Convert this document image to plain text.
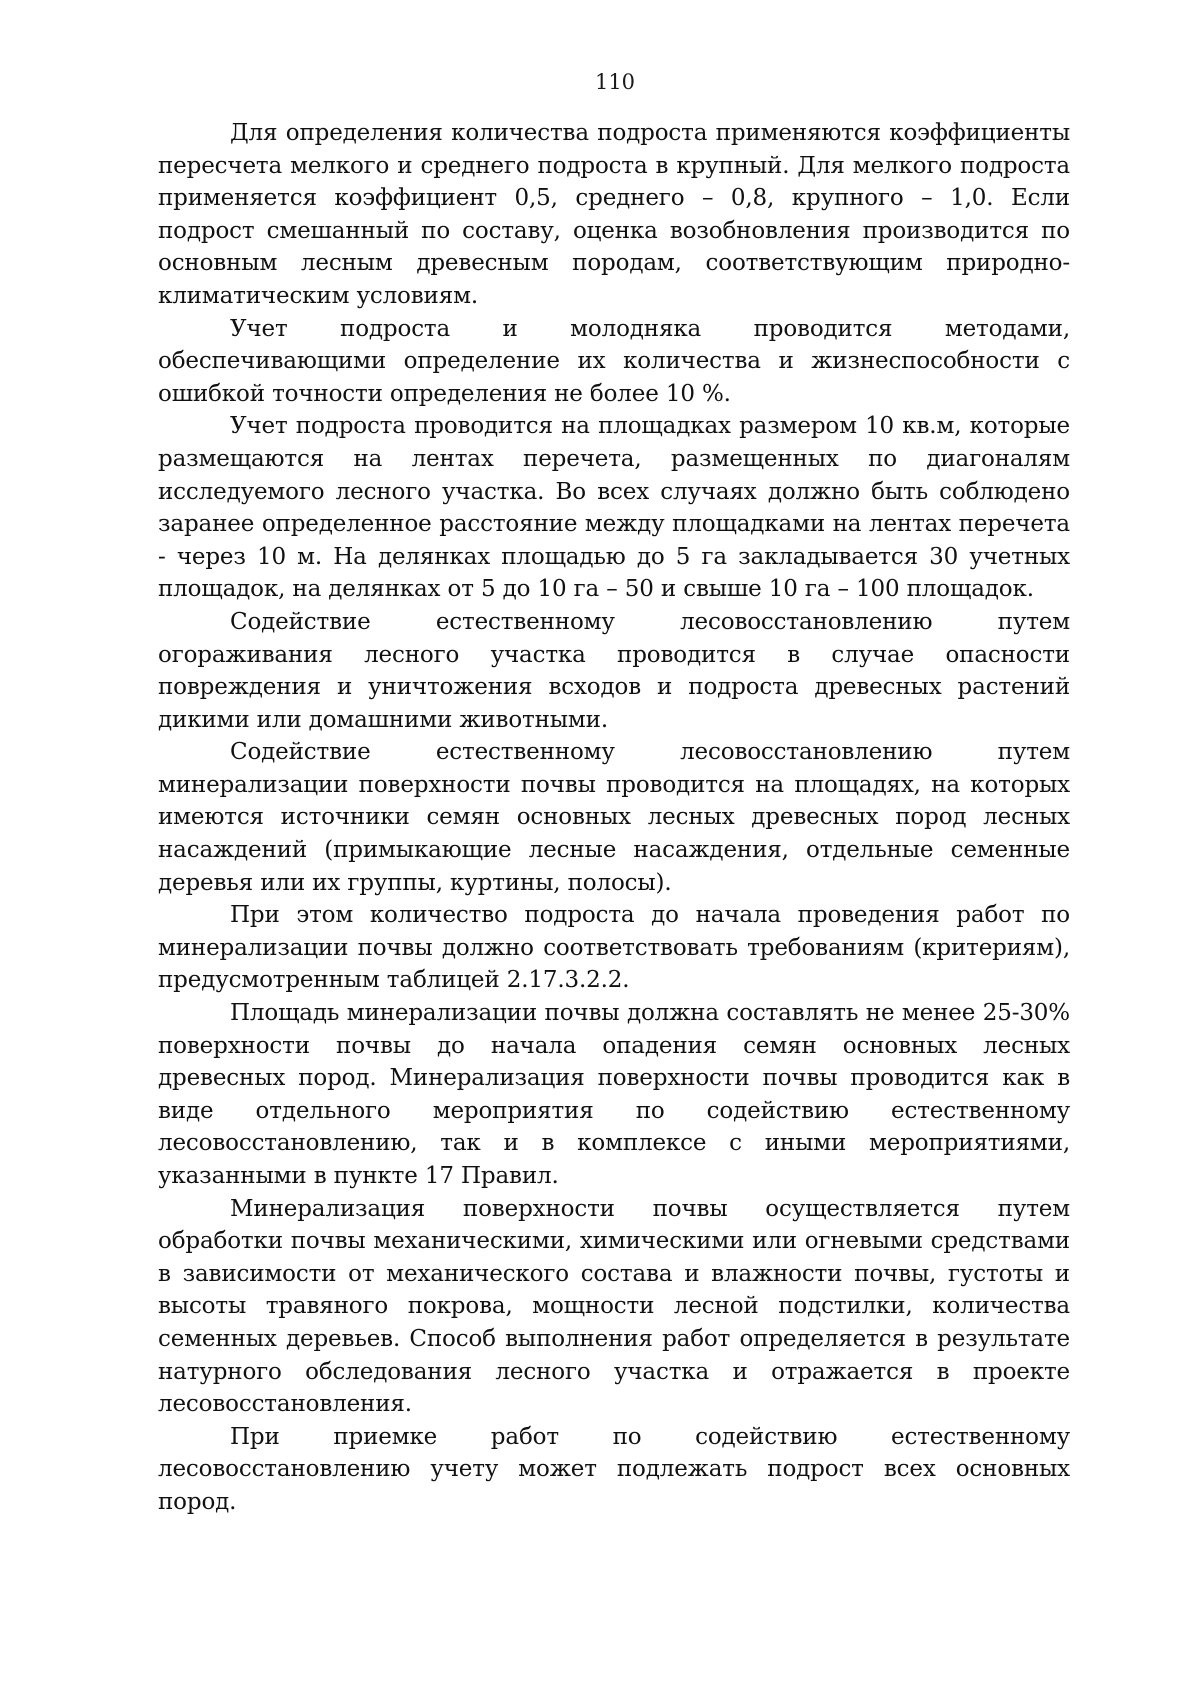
110

Для определения количества подроста применяются коэффициенты пересчета мелкого и среднего подроста в крупный. Для мелкого подроста применяется коэффициент 0,5, среднего – 0,8, крупного – 1,0. Если подрост смешанный по составу, оценка возобновления производится по основным лесным древесным породам, соответствующим природно-климатическим условиям.

Учет подроста и молодняка проводится методами, обеспечивающими определение их количества и жизнеспособности с ошибкой точности определения не более 10 %.

Учет подроста проводится на площадках размером 10 кв.м, которые размещаются на лентах перечета, размещенных по диагоналям исследуемого лесного участка. Во всех случаях должно быть соблюдено заранее определенное расстояние между площадками на лентах перечета - через 10 м. На делянках площадью до 5 га закладывается 30 учетных площадок, на делянках от 5 до 10 га – 50 и свыше 10 га – 100 площадок.

Содействие естественному лесовосстановлению путем огораживания лесного участка проводится в случае опасности повреждения и уничтожения всходов и подроста древесных растений дикими или домашними животными.

Содействие естественному лесовосстановлению путем минерализации поверхности почвы проводится на площадях, на которых имеются источники семян основных лесных древесных пород лесных насаждений (примыкающие лесные насаждения, отдельные семенные деревья или их группы, куртины, полосы).

При этом количество подроста до начала проведения работ по минерализации почвы должно соответствовать требованиям (критериям), предусмотренным таблицей 2.17.3.2.2.

Площадь минерализации почвы должна составлять не менее 25-30% поверхности почвы до начала опадения семян основных лесных древесных пород. Минерализация поверхности почвы проводится как в виде отдельного мероприятия по содействию естественному лесовосстановлению, так и в комплексе с иными мероприятиями, указанными в пункте 17 Правил.

Минерализация поверхности почвы осуществляется путем обработки почвы механическими, химическими или огневыми средствами в зависимости от механического состава и влажности почвы, густоты и высоты травяного покрова, мощности лесной подстилки, количества семенных деревьев. Способ выполнения работ определяется в результате натурного обследования лесного участка и отражается в проекте лесовосстановления.

При приемке работ по содействию естественному лесовосстановлению учету может подлежать подрост всех основных пород.
